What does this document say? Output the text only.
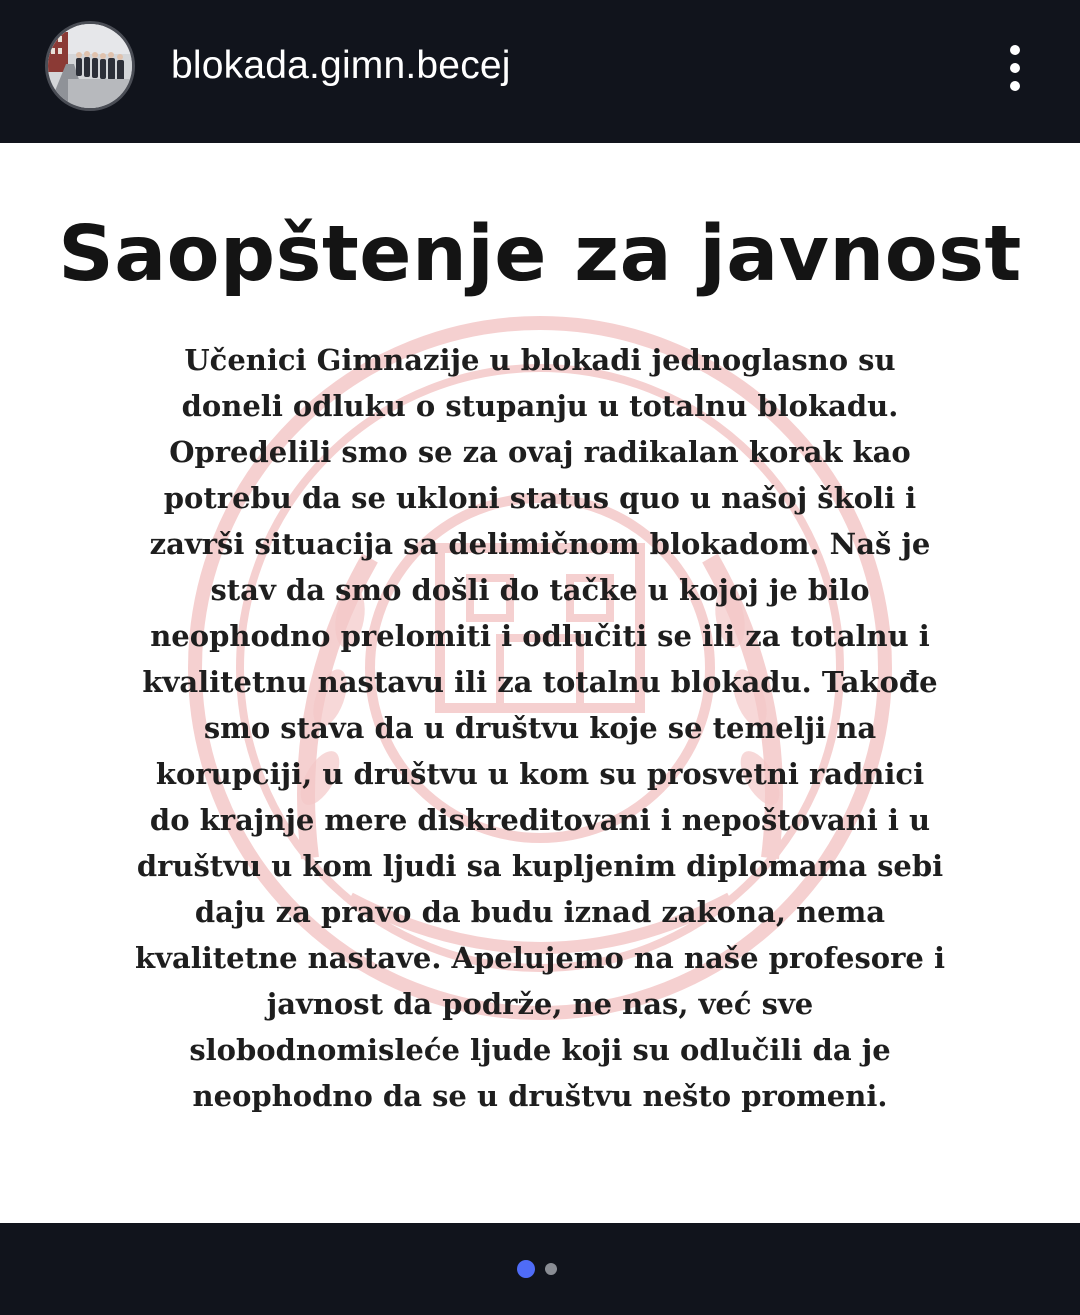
blokada.gimn.becej
Saopštenje za javnost
Učenici Gimnazije u blokadi jednoglasno su
doneli odluku o stupanju u totalnu blokadu.
Opredelili smo se za ovaj radikalan korak kao
potrebu da se ukloni status quo u našoj školi i
završi situacija sa delimičnom blokadom. Naš je
stav da smo došli do tačke u kojoj je bilo
neophodno prelomiti i odlučiti se ili za totalnu i
kvalitetnu nastavu ili za totalnu blokadu. Takođe
smo stava da u društvu koje se temelji na
korupciji, u društvu u kom su prosvetni radnici
do krajnje mere diskreditovani i nepoštovani i u
društvu u kom ljudi sa kupljenim diplomama sebi
daju za pravo da budu iznad zakona, nema
kvalitetne nastave. Apelujemo na naše profesore i
javnost da podrže, ne nas, već sve
slobodnomisleće ljude koji su odlučili da je
neophodno da se u društvu nešto promeni.
